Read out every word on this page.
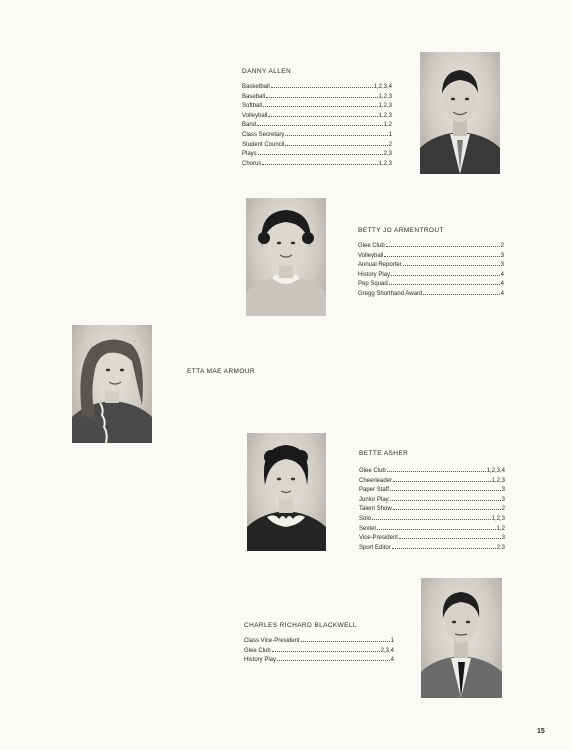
DANNY ALLEN
Basketball	1,2,3,4
Baseball	1,2,3
Softball	1,2,3
Volleyball	1,2,3
Band	1,2
Class Secretary	1
Student Council	2
Plays	2,3
Chorus	1,2,3
BETTY JO ARMENTROUT
Glee Club	2
Volleyball	3
Annual Reporter	3
History Play	4
Pep Squad	4
Gregg Shorthand Award	4
ETTA MAE ARMOUR
BETTE ASHER
Glee Club	1,2,3,4
Cheerleader	1,2,3
Paper Staff	3
Junior Play	3
Talent Show	2
Solo	1,2,3
Sextet	1,2
Vice-President	3
Sport Editor	2,3
CHARLES RICHARD BLACKWELL
Class Vice-President	1
Glee Club	2,3,4
History Play	4
15
